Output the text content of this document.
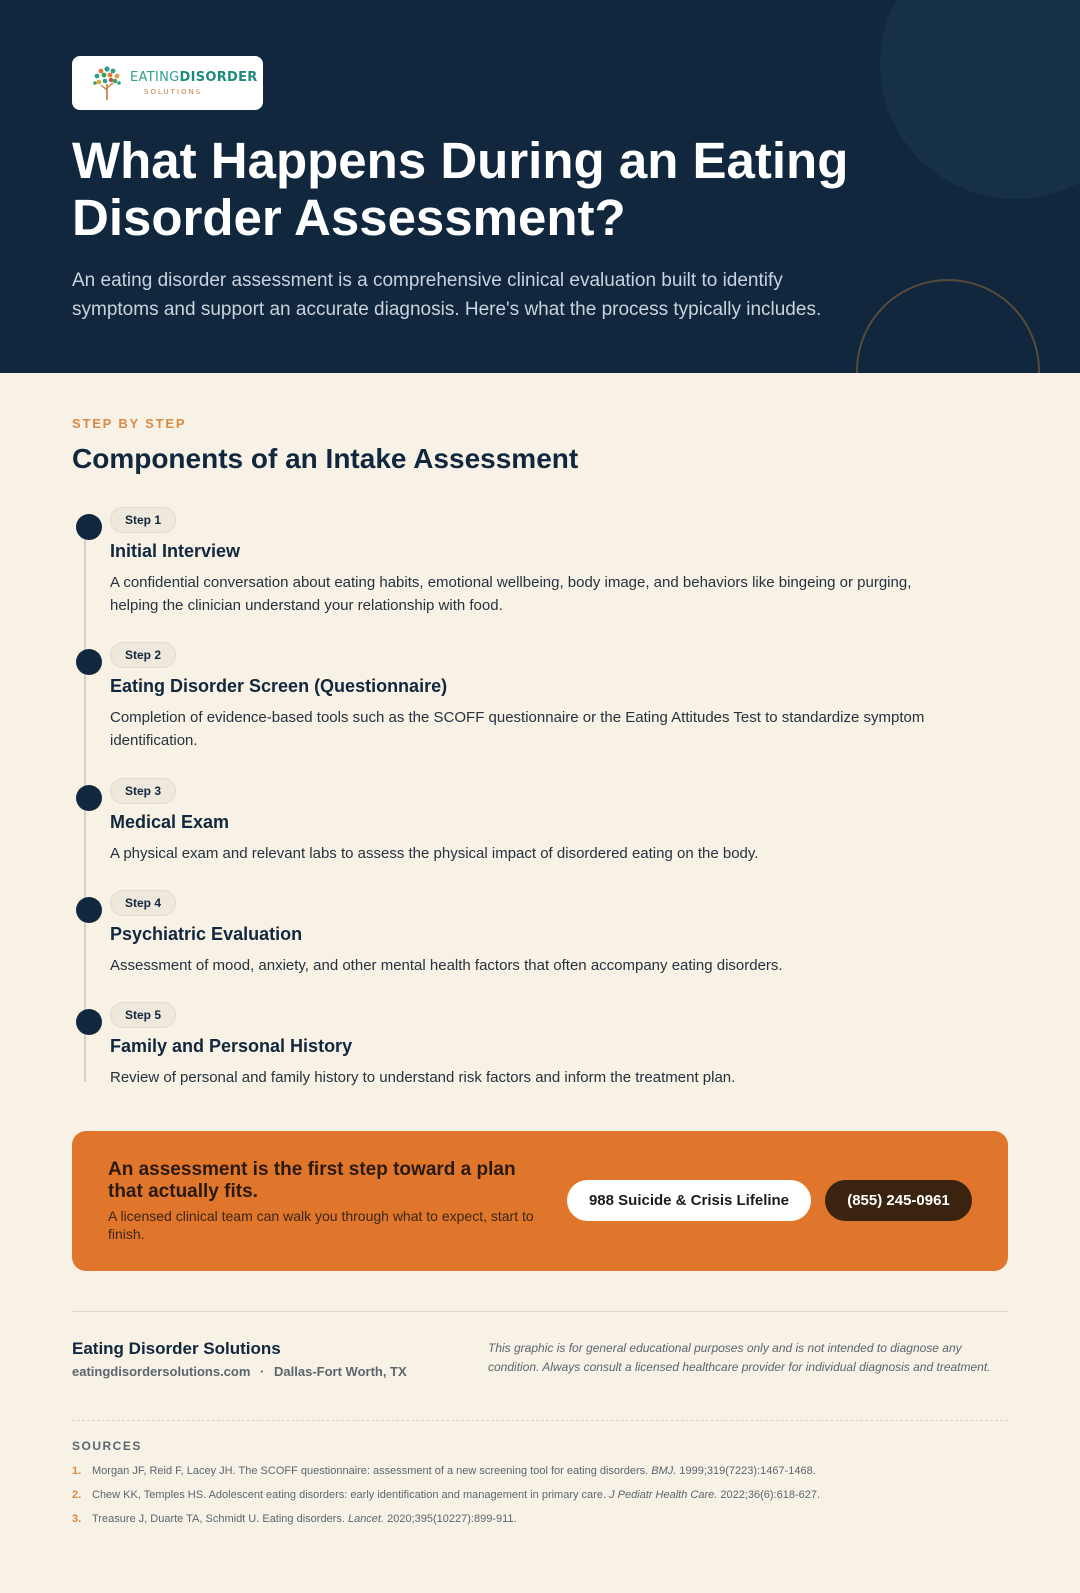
EATINGDISORDER
SOLUTIONS
What Happens During an Eating Disorder Assessment?

An eating disorder assessment is a comprehensive clinical evaluation built to identify symptoms and support an accurate diagnosis. Here's what the process typically includes.

STEP BY STEP
Components of an Intake Assessment
Step 1
Initial Interview
A confidential conversation about eating habits, emotional wellbeing, body image, and behaviors like bingeing or purging, helping the clinician understand your relationship with food.
Step 2
Eating Disorder Screen (Questionnaire)
Completion of evidence-based tools such as the SCOFF questionnaire or the Eating Attitudes Test to standardize symptom identification.
Step 3
Medical Exam
A physical exam and relevant labs to assess the physical impact of disordered eating on the body.
Step 4
Psychiatric Evaluation
Assessment of mood, anxiety, and other mental health factors that often accompany eating disorders.
Step 5
Family and Personal History
Review of personal and family history to understand risk factors and inform the treatment plan.
An assessment is the first step toward a plan that actually fits.
A licensed clinical team can walk you through what to expect, start to finish.
988 Suicide & Crisis Lifeline	(855) 245-0961
Eating Disorder Solutions
eatingdisordersolutions.com · Dallas-Fort Worth, TX
This graphic is for general educational purposes only and is not intended to diagnose any condition. Always consult a licensed healthcare provider for individual diagnosis and treatment.
SOURCES
1. Morgan JF, Reid F, Lacey JH. The SCOFF questionnaire: assessment of a new screening tool for eating disorders. BMJ. 1999;319(7223):1467-1468.
2. Chew KK, Temples HS. Adolescent eating disorders: early identification and management in primary care. J Pediatr Health Care. 2022;36(6):618-627.
3. Treasure J, Duarte TA, Schmidt U. Eating disorders. Lancet. 2020;395(10227):899-911.
